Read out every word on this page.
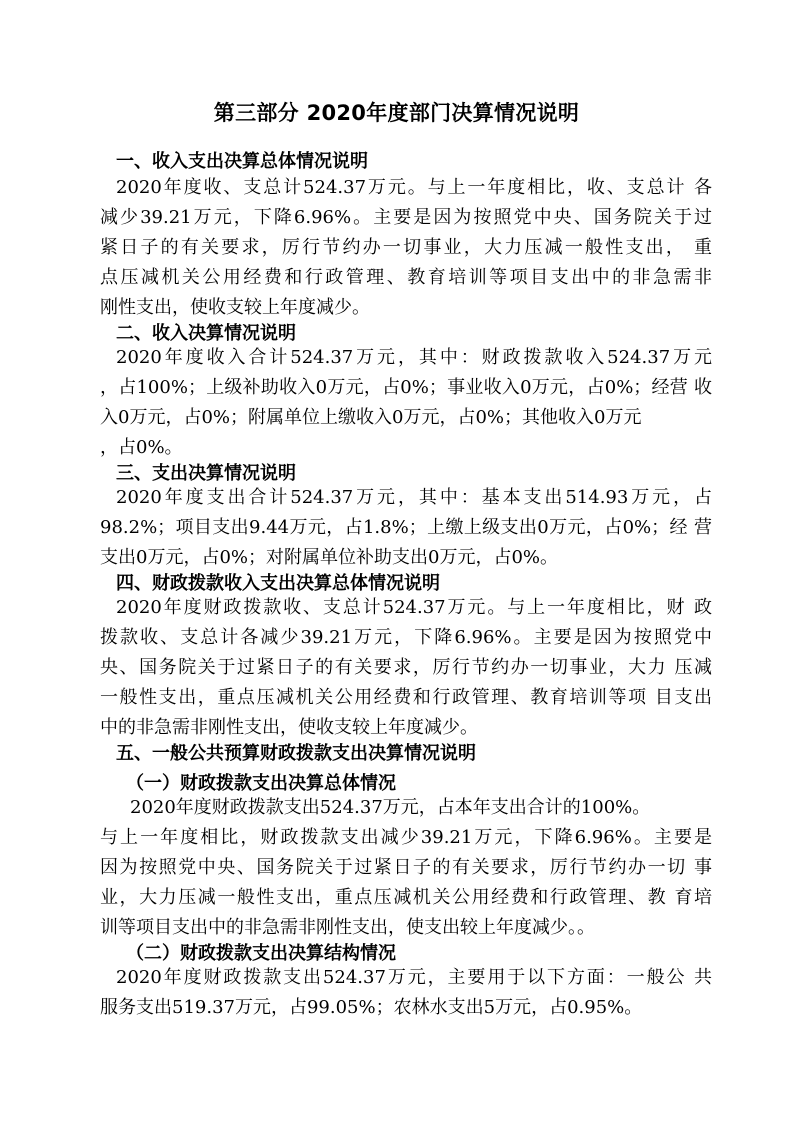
第三部分 2020年度部门决算情况说明
一、收入支出决算总体情况说明
2020年度收、支总计524.37万元。与上一年度相比，收、支总计 各
减少39.21万元，下降6.96%。主要是因为按照党中央、国务院关于过
紧日子的有关要求，厉行节约办一切事业，大力压减一般性支出， 重
点压减机关公用经费和行政管理、教育培训等项目支出中的非急需非
刚性支出，使收支较上年度减少。
二、收入决算情况说明
2020年度收入合计524.37万元，其中：财政拨款收入524.37万元
，占100%；上级补助收入0万元，占0%；事业收入0万元，占0%；经营 收
入0万元，占0%；附属单位上缴收入0万元，占0%；其他收入0万元
，占0%。
三、支出决算情况说明
2020年度支出合计524.37万元，其中：基本支出514.93万元，占
98.2%；项目支出9.44万元，占1.8%；上缴上级支出0万元，占0%；经 营
支出0万元，占0%；对附属单位补助支出0万元，占0%。
四、财政拨款收入支出决算总体情况说明
2020年度财政拨款收、支总计524.37万元。与上一年度相比，财 政
拨款收、支总计各减少39.21万元，下降6.96%。主要是因为按照党中
央、国务院关于过紧日子的有关要求，厉行节约办一切事业，大力 压减
一般性支出，重点压减机关公用经费和行政管理、教育培训等项 目支出
中的非急需非刚性支出，使收支较上年度减少。
五、一般公共预算财政拨款支出决算情况说明
（一）财政拨款支出决算总体情况
2020年度财政拨款支出524.37万元，占本年支出合计的100%。
与上一年度相比，财政拨款支出减少39.21万元，下降6.96%。主要是
因为按照党中央、国务院关于过紧日子的有关要求，厉行节约办一切 事
业，大力压减一般性支出，重点压减机关公用经费和行政管理、教 育培
训等项目支出中的非急需非刚性支出，使支出较上年度减少。。
（二）财政拨款支出决算结构情况
2020年度财政拨款支出524.37万元，主要用于以下方面：一般公 共
服务支出519.37万元，占99.05%；农林水支出5万元，占0.95%。
